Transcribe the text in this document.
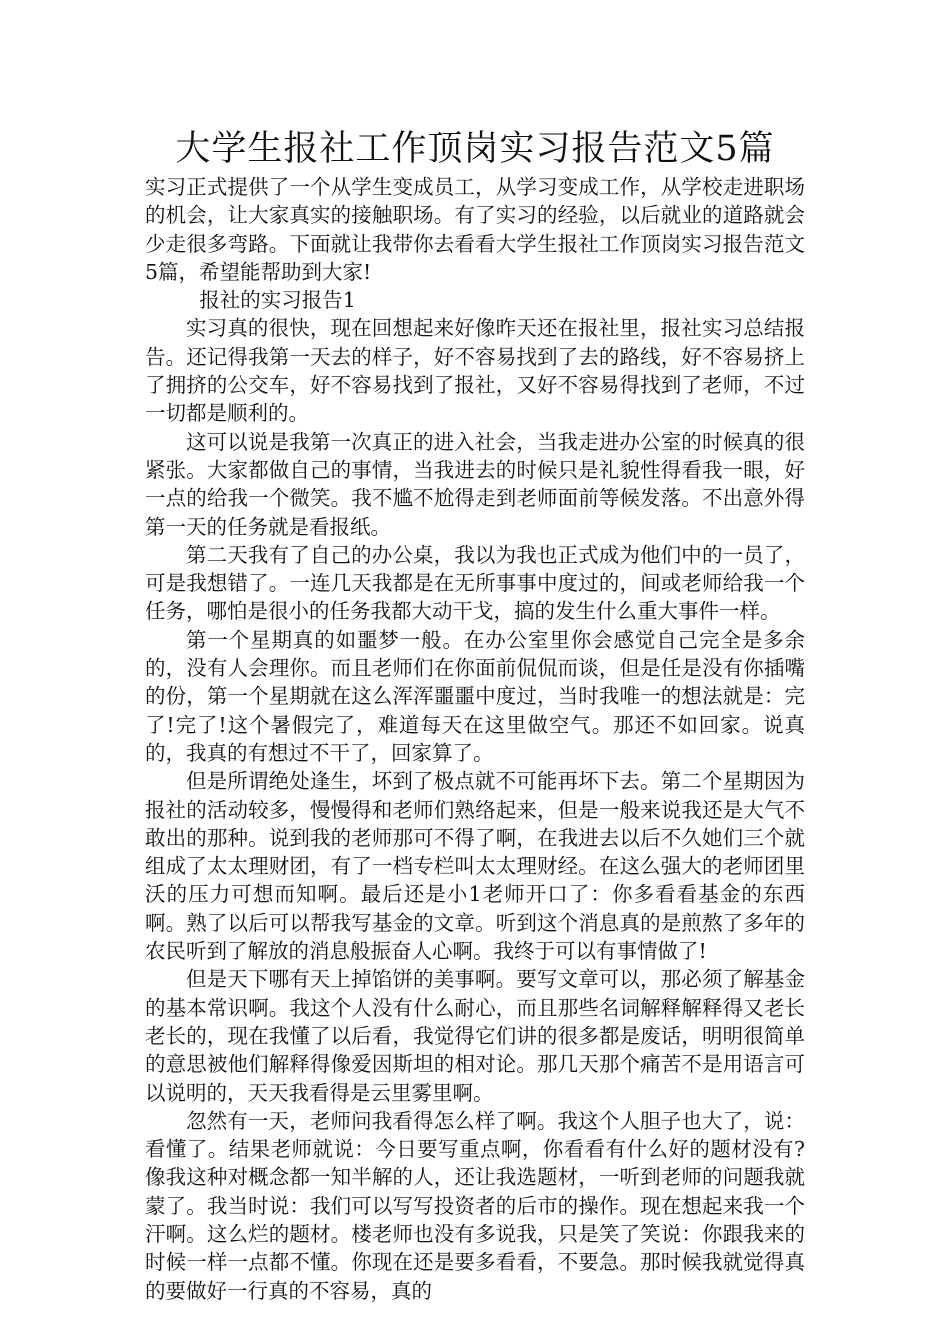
大学生报社工作顶岗实习报告范文5篇

实习正式提供了一个从学生变成员工，从学习变成工作，从学校走进职场的机会，让大家真实的接触职场。有了实习的经验，以后就业的道路就会少走很多弯路。下面就让我带你去看看大学生报社工作顶岗实习报告范文5篇，希望能帮助到大家!

报社的实习报告1

实习真的很快，现在回想起来好像昨天还在报社里，报社实习总结报告。还记得我第一天去的样子，好不容易找到了去的路线，好不容易挤上了拥挤的公交车，好不容易找到了报社，又好不容易得找到了老师，不过一切都是顺利的。

这可以说是我第一次真正的进入社会，当我走进办公室的时候真的很紧张。大家都做自己的事情，当我进去的时候只是礼貌性得看我一眼，好一点的给我一个微笑。我不尴不尬得走到老师面前等候发落。不出意外得第一天的任务就是看报纸。

第二天我有了自己的办公桌，我以为我也正式成为他们中的一员了，可是我想错了。一连几天我都是在无所事事中度过的，间或老师给我一个任务，哪怕是很小的任务我都大动干戈，搞的发生什么重大事件一样。

第一个星期真的如噩梦一般。在办公室里你会感觉自己完全是多余的，没有人会理你。而且老师们在你面前侃侃而谈，但是任是没有你插嘴的份，第一个星期就在这么浑浑噩噩中度过，当时我唯一的想法就是：完了!完了!这个暑假完了，难道每天在这里做空气。那还不如回家。说真的，我真的有想过不干了，回家算了。

但是所谓绝处逢生，坏到了极点就不可能再坏下去。第二个星期因为报社的活动较多，慢慢得和老师们熟络起来，但是一般来说我还是大气不敢出的那种。说到我的老师那可不得了啊，在我进去以后不久她们三个就组成了太太理财团，有了一档专栏叫太太理财经。在这么强大的老师团里沃的压力可想而知啊。最后还是小1老师开口了：你多看看基金的东西啊。熟了以后可以帮我写基金的文章。听到这个消息真的是煎熬了多年的农民听到了解放的消息般振奋人心啊。我终于可以有事情做了!

但是天下哪有天上掉馅饼的美事啊。要写文章可以，那必须了解基金的基本常识啊。我这个人没有什么耐心，而且那些名词解释解释得又老长老长的，现在我懂了以后看，我觉得它们讲的很多都是废话，明明很简单的意思被他们解释得像爱因斯坦的相对论。那几天那个痛苦不是用语言可以说明的，天天我看得是云里雾里啊。

忽然有一天，老师问我看得怎么样了啊。我这个人胆子也大了，说：看懂了。结果老师就说：今日要写重点啊，你看看有什么好的题材没有?像我这种对概念都一知半解的人，还让我选题材，一听到老师的问题我就蒙了。我当时说：我们可以写写投资者的后市的操作。现在想起来我一个汗啊。这么烂的题材。楼老师也没有多说我，只是笑了笑说：你跟我来的时候一样一点都不懂。你现在还是要多看看，不要急。那时候我就觉得真的要做好一行真的不容易，真的
